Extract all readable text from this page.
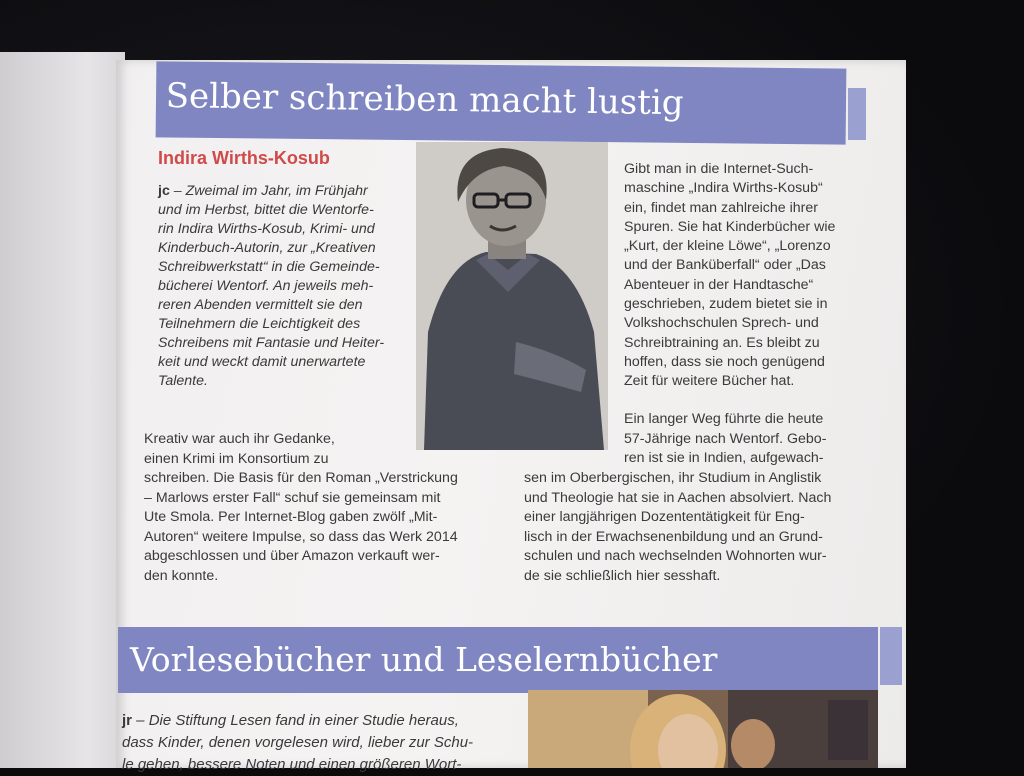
Selber schreiben macht lustig
Indira Wirths-Kosub
jc – Zweimal im Jahr, im Frühjahr
und im Herbst, bittet die Wentorfe-
rin Indira Wirths-Kosub, Krimi- und
Kinderbuch-Autorin, zur „Kreativen
Schreibwerkstatt“ in die Gemeinde-
bücherei Wentorf. An jeweils meh-
reren Abenden vermittelt sie den
Teilnehmern die Leichtigkeit des
Schreibens mit Fantasie und Heiter-
keit und weckt damit unerwartete
Talente.
Kreativ war auch ihr Gedanke,
einen Krimi im Konsortium zu
schreiben. Die Basis für den Roman „Verstrickung
– Marlows erster Fall“ schuf sie gemeinsam mit
Ute Smola. Per Internet-Blog gaben zwölf „Mit-
Autoren“ weitere Impulse, so dass das Werk 2014
abgeschlossen und über Amazon verkauft wer-
den konnte.
Gibt man in die Internet-Such-
maschine „Indira Wirths-Kosub“
ein, findet man zahlreiche ihrer
Spuren. Sie hat Kinderbücher wie
„Kurt, der kleine Löwe“, „Lorenzo
und der Banküberfall“ oder „Das
Abenteuer in der Handtasche“
geschrieben, zudem bietet sie in
Volkshochschulen Sprech- und
Schreibtraining an. Es bleibt zu
hoffen, dass sie noch genügend
Zeit für weitere Bücher hat.
Ein langer Weg führte die heute
57-Jährige nach Wentorf. Gebo-
ren ist sie in Indien, aufgewach-
sen im Oberbergischen, ihr Studium in Anglistik
und Theologie hat sie in Aachen absolviert. Nach
einer langjährigen Dozententätigkeit für Eng-
lisch in der Erwachsenenbildung und an Grund-
schulen und nach wechselnden Wohnorten wur-
de sie schließlich hier sesshaft.
Vorlesebücher und Leselernbücher
jr – Die Stiftung Lesen fand in einer Studie heraus,
dass Kinder, denen vorgelesen wird, lieber zur Schu-
le gehen, bessere Noten und einen größeren Wort-
